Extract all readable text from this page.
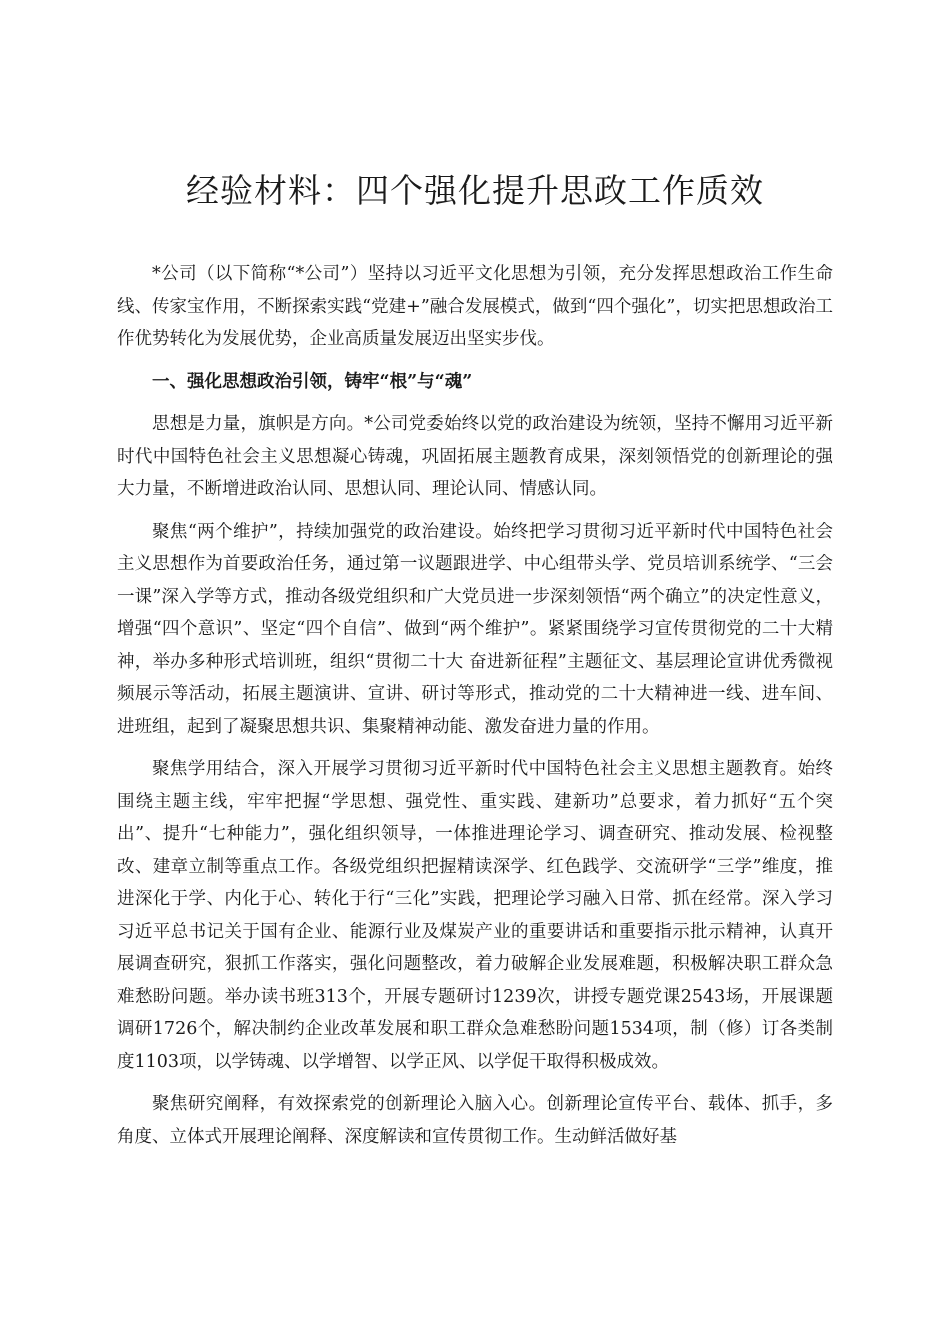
经验材料：四个强化提升思政工作质效

*公司（以下简称“*公司”）坚持以习近平文化思想为引领，充分发挥思想政治工作生命线、传家宝作用，不断探索实践“党建+”融合发展模式，做到“四个强化”，切实把思想政治工作优势转化为发展优势，企业高质量发展迈出坚实步伐。

一、强化思想政治引领，铸牢“根”与“魂”

思想是力量，旗帜是方向。*公司党委始终以党的政治建设为统领，坚持不懈用习近平新时代中国特色社会主义思想凝心铸魂，巩固拓展主题教育成果，深刻领悟党的创新理论的强大力量，不断增进政治认同、思想认同、理论认同、情感认同。

聚焦“两个维护”，持续加强党的政治建设。始终把学习贯彻习近平新时代中国特色社会主义思想作为首要政治任务，通过第一议题跟进学、中心组带头学、党员培训系统学、“三会一课”深入学等方式，推动各级党组织和广大党员进一步深刻领悟“两个确立”的决定性意义，增强“四个意识”、坚定“四个自信”、做到“两个维护”。紧紧围绕学习宣传贯彻党的二十大精神，举办多种形式培训班，组织“贯彻二十大 奋进新征程”主题征文、基层理论宣讲优秀微视频展示等活动，拓展主题演讲、宣讲、研讨等形式，推动党的二十大精神进一线、进车间、进班组，起到了凝聚思想共识、集聚精神动能、激发奋进力量的作用。

聚焦学用结合，深入开展学习贯彻习近平新时代中国特色社会主义思想主题教育。始终围绕主题主线，牢牢把握“学思想、强党性、重实践、建新功”总要求，着力抓好“五个突出”、提升“七种能力”，强化组织领导，一体推进理论学习、调查研究、推动发展、检视整改、建章立制等重点工作。各级党组织把握精读深学、红色践学、交流研学“三学”维度，推进深化于学、内化于心、转化于行“三化”实践，把理论学习融入日常、抓在经常。深入学习习近平总书记关于国有企业、能源行业及煤炭产业的重要讲话和重要指示批示精神，认真开展调查研究，狠抓工作落实，强化问题整改，着力破解企业发展难题，积极解决职工群众急难愁盼问题。举办读书班313个，开展专题研讨1239次，讲授专题党课2543场，开展课题调研1726个，解决制约企业改革发展和职工群众急难愁盼问题1534项，制（修）订各类制度1103项，以学铸魂、以学增智、以学正风、以学促干取得积极成效。

聚焦研究阐释，有效探索党的创新理论入脑入心。创新理论宣传平台、载体、抓手，多角度、立体式开展理论阐释、深度解读和宣传贯彻工作。生动鲜活做好基
